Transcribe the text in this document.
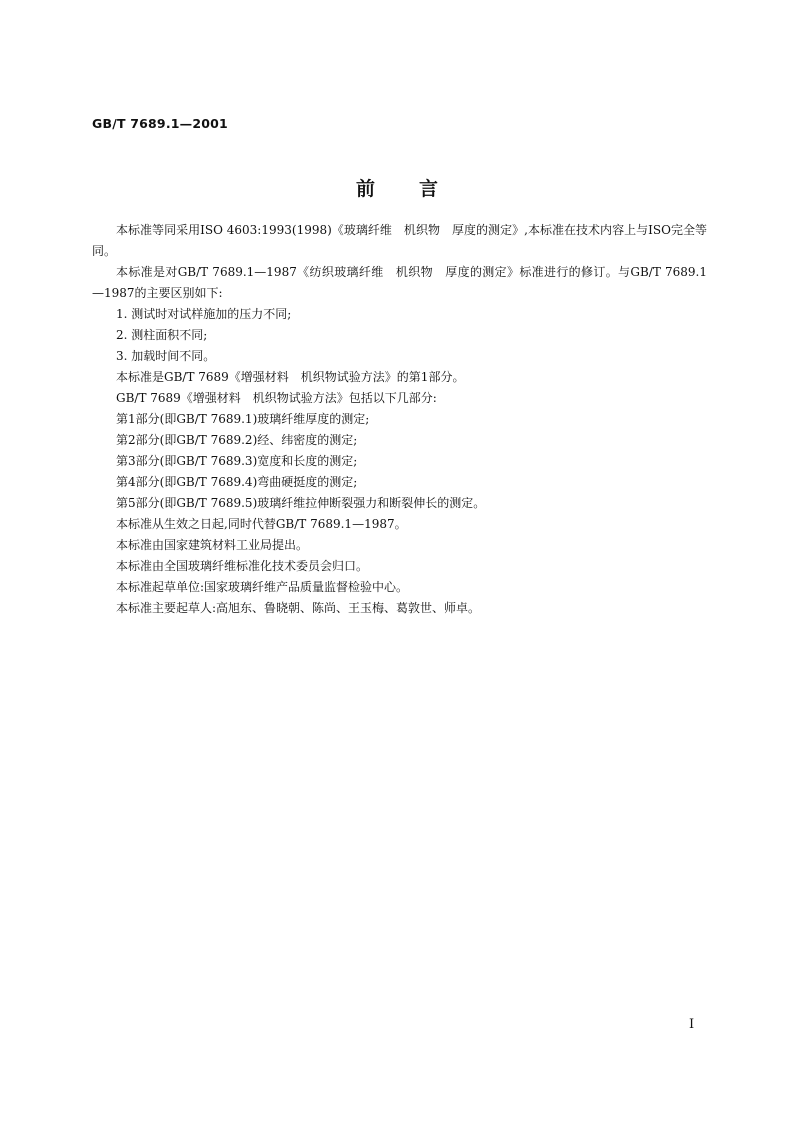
GB/T 7689.1—2001
前言

本标准等同采用ISO 4603:1993(1998)《玻璃纤维　机织物　厚度的测定》,本标准在技术内容上与ISO完全等同。

本标准是对GB/T 7689.1—1987《纺织玻璃纤维　机织物　厚度的测定》标准进行的修订。与GB/T 7689.1—1987的主要区别如下:

1. 测试时对试样施加的压力不同;

2. 测柱面积不同;

3. 加载时间不同。

本标准是GB/T 7689《增强材料　机织物试验方法》的第1部分。

GB/T 7689《增强材料　机织物试验方法》包括以下几部分:

第1部分(即GB/T 7689.1)玻璃纤维厚度的测定;

第2部分(即GB/T 7689.2)经、纬密度的测定;

第3部分(即GB/T 7689.3)宽度和长度的测定;

第4部分(即GB/T 7689.4)弯曲硬挺度的测定;

第5部分(即GB/T 7689.5)玻璃纤维拉伸断裂强力和断裂伸长的测定。

本标准从生效之日起,同时代替GB/T 7689.1—1987。

本标准由国家建筑材料工业局提出。

本标准由全国玻璃纤维标准化技术委员会归口。

本标准起草单位:国家玻璃纤维产品质量监督检验中心。

本标准主要起草人:高旭东、鲁晓朝、陈尚、王玉梅、葛敦世、师卓。

I
